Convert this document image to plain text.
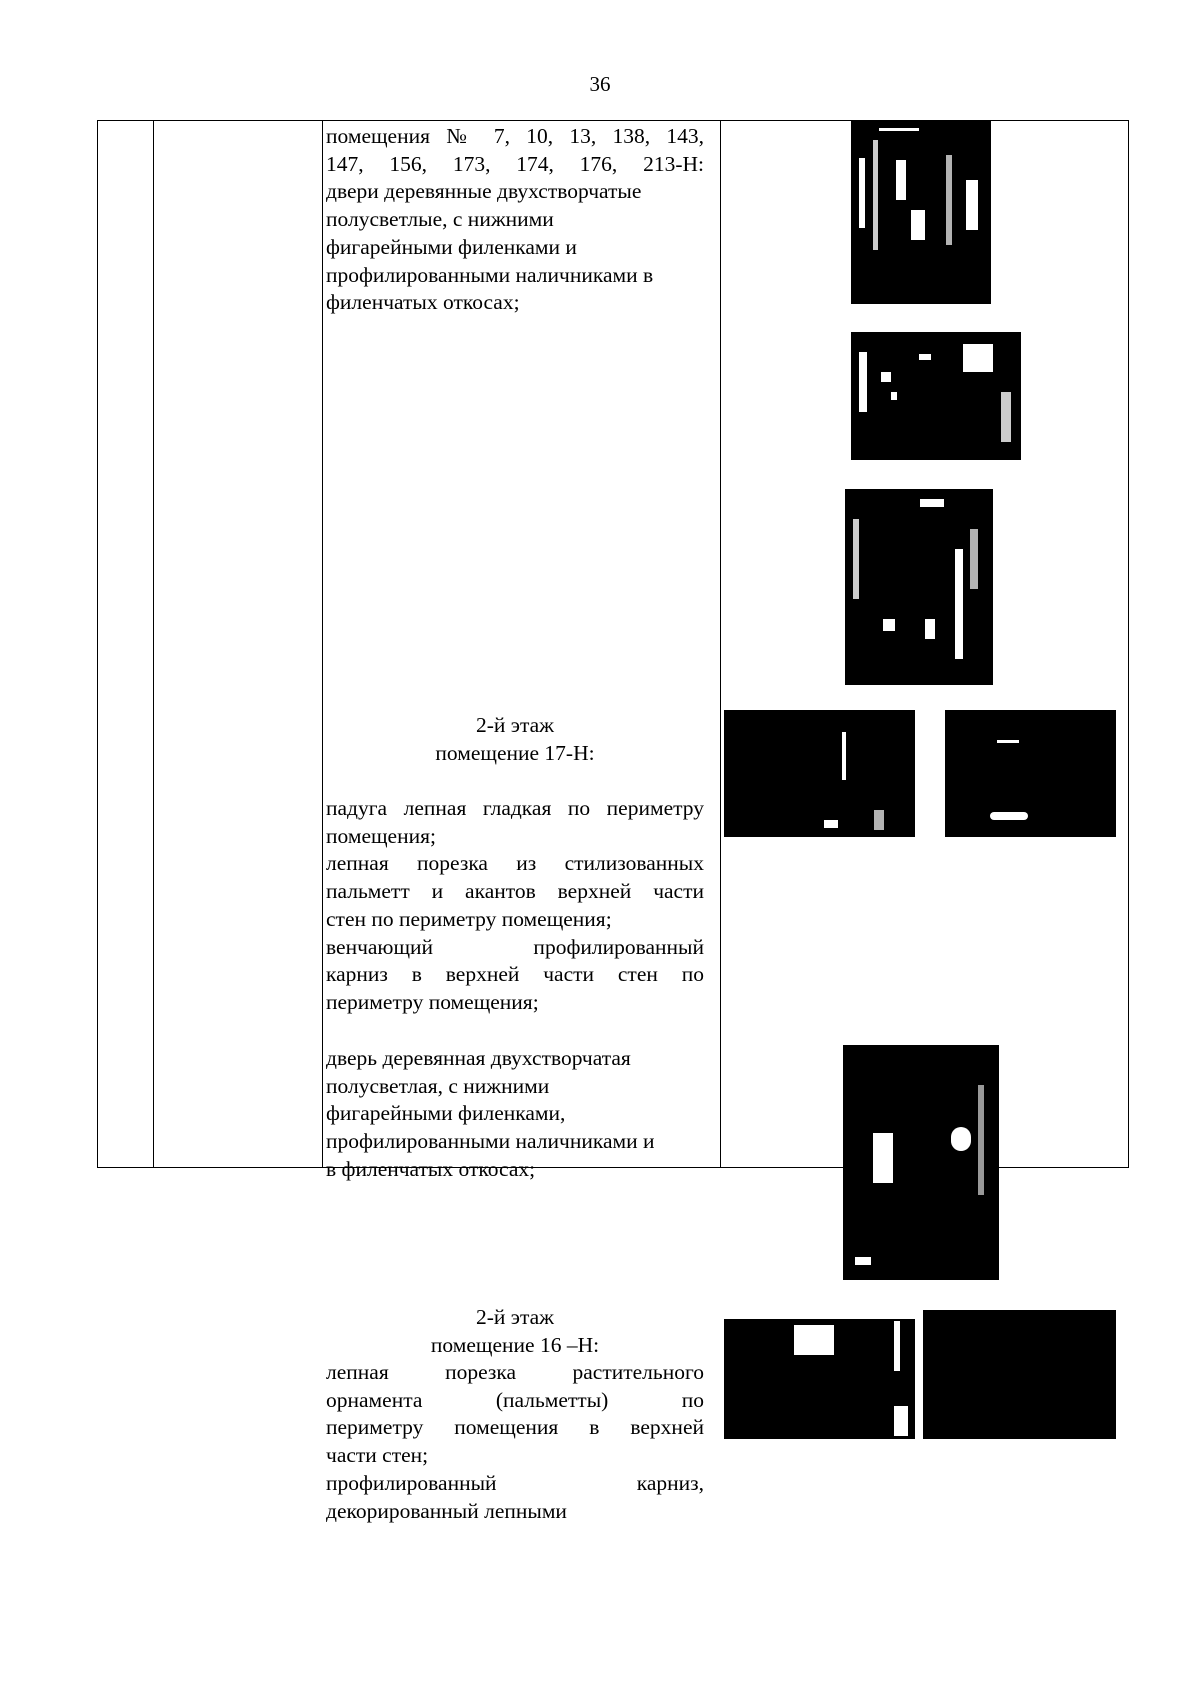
36
помещения № 7, 10, 13, 138, 143,
147, 156, 173, 174, 176, 213-Н:
двери деревянные двухстворчатые
полусветлые, с нижними
фигарейными филенками и
профилированными наличниками в
филенчатых откосах;
2-й этаж
помещение 17-Н:
падуга лепная гладкая по периметру
помещения;
лепная порезка из стилизованных
пальметт и акантов верхней части
стен по периметру помещения;
венчающий профилированный
карниз в верхней части стен по
периметру помещения;
дверь деревянная двухстворчатая
полусветлая, с нижними
фигарейными филенками,
профилированными наличниками и
в филенчатых откосах;
2-й этаж
помещение 16 –Н:
лепная порезка растительного
орнамента (пальметты) по
периметру помещения в верхней
части стен;
профилированный карниз,
декорированный лепными
